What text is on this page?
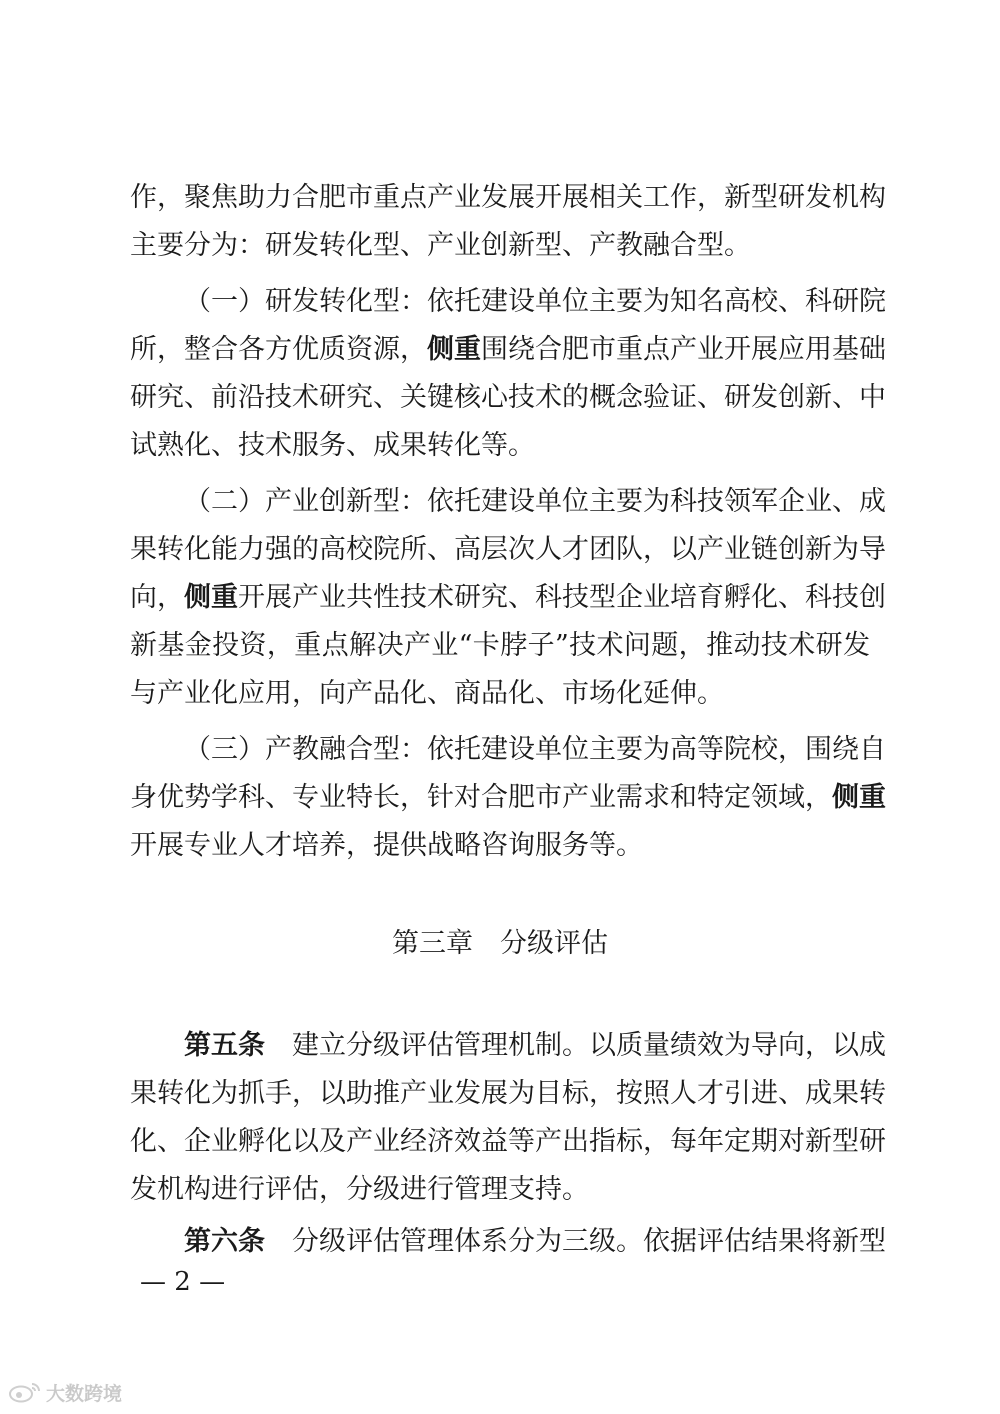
作，聚焦助力合肥市重点产业发展开展相关工作，新型研发机构
主要分为：研发转化型、产业创新型、产教融合型。
（一）研发转化型：依托建设单位主要为知名高校、科研院
所，整合各方优质资源，侧重围绕合肥市重点产业开展应用基础
研究、前沿技术研究、关键核心技术的概念验证、研发创新、中
试熟化、技术服务、成果转化等。
（二）产业创新型：依托建设单位主要为科技领军企业、成
果转化能力强的高校院所、高层次人才团队，以产业链创新为导
向，侧重开展产业共性技术研究、科技型企业培育孵化、科技创
新基金投资，重点解决产业“卡脖子”技术问题，推动技术研发
与产业化应用，向产品化、商品化、市场化延伸。
（三）产教融合型：依托建设单位主要为高等院校，围绕自
身优势学科、专业特长，针对合肥市产业需求和特定领域，侧重
开展专业人才培养，提供战略咨询服务等。
第三章　分级评估
第五条 建立分级评估管理机制。以质量绩效为导向，以成
果转化为抓手，以助推产业发展为目标，按照人才引进、成果转
化、企业孵化以及产业经济效益等产出指标，每年定期对新型研
发机构进行评估，分级进行管理支持。
第六条 分级评估管理体系分为三级。依据评估结果将新型
— 2 —
大数跨境
